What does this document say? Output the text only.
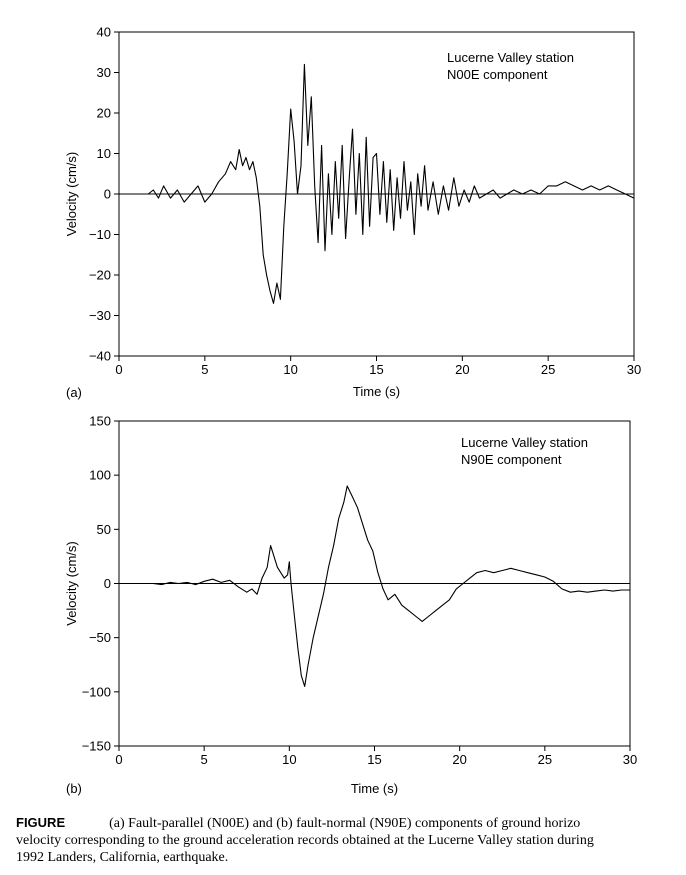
−40
−30
−20
−10
0
10
20
30
40
0	5	10	15	20	25	30
Time (s)
Velocity (cm/s)
(a)
Lucerne Valley station
N00E component
−150
−100
−50
0
50
100
150
0	5	10	15	20	25	30
Time (s)
Velocity (cm/s)
(b)
Lucerne Valley station
N90E component
FIGURE	(a) Fault-parallel (N00E) and (b) fault-normal (N90E) components of ground horizo
velocity corresponding to the ground acceleration records obtained at the Lucerne Valley station during
1992 Landers, California, earthquake.
